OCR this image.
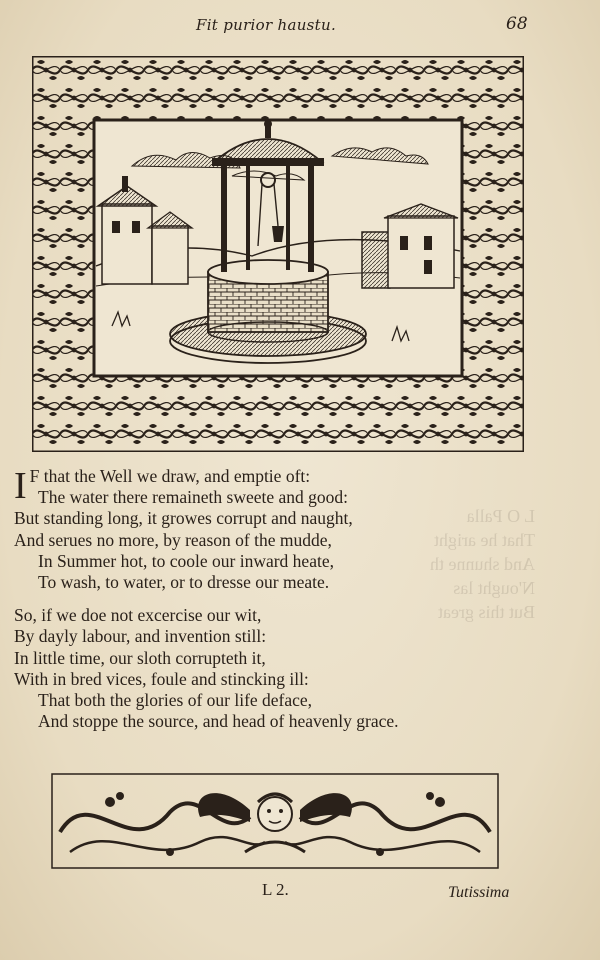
L O Palla
That he aright
And shunne th
N'ought las
But this great

Fit purior haustu.	68
I F that the Well we draw, and emptie oft:
The water there remaineth sweete and good:
But standing long, it growes corrupt and naught,
And serues no more, by reason of the mudde,
In Summer hot, to coole our inward heate,
To wash, to water, or to dresse our meate.
So, if we doe not excercise our wit,
By dayly labour, and invention still:
In little time, our sloth corrupteth it,
With in bred vices, foule and stincking ill:
That both the glories of our life deface,
And stoppe the source, and head of heavenly grace.
L 2.	Tutissima
